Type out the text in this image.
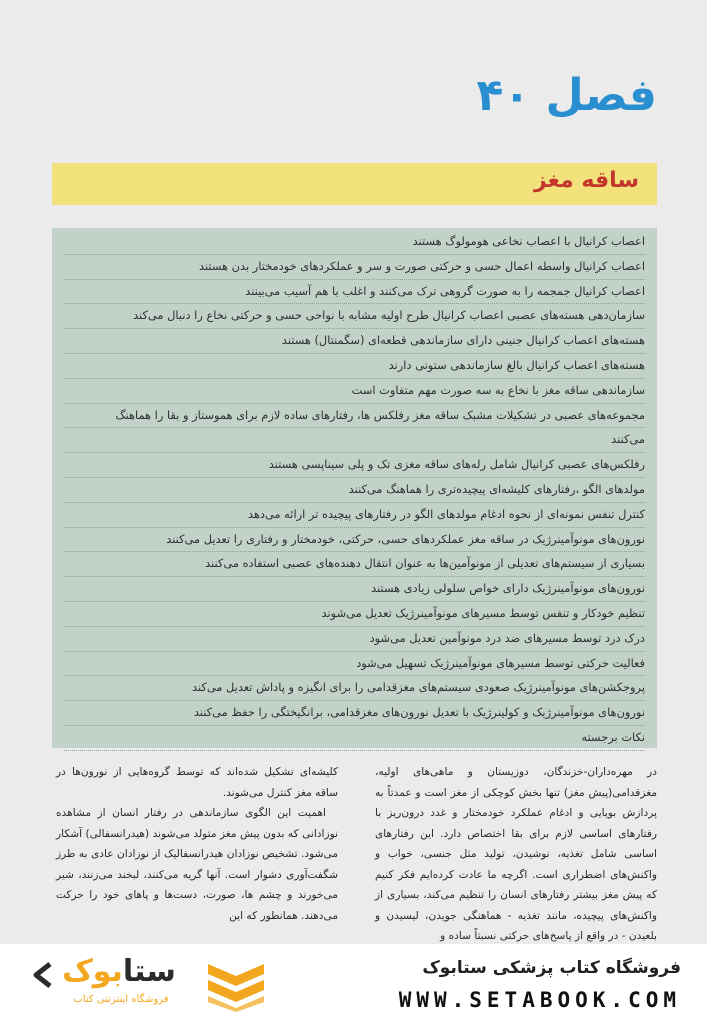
فصل ۴۰
ساقه مغز
اعصاب کرانیال با اعصاب نخاعی هومولوگ هستند
اعصاب کرانیال واسطه اعمال حسی و حرکتی صورت و سر و عملکردهای خودمختار بدن هستند
اعصاب کرانیال جمجمه را به صورت گروهی ترک می‌کنند و اغلب با هم آسیب می‌بینند
سازمان‌دهی هسته‌های عصبی اعصاب کرانیال طرح اولیه مشابه با نواحی حسی و حرکتی نخاع را دنبال می‌کند
هسته‌های اعصاب کرانیال جنینی دارای سازماندهی قطعه‌ای (سگمنتال) هستند
هسته‌های اعصاب کرانیال بالغ سازماندهی ستونی دارند
سازماندهی ساقه مغز با نخاع به سه صورت مهم متفاوت است
مجموعه‌های عصبی در تشکیلات مشبک ساقه مغز رفلکس ها، رفتارهای ساده لازم برای هموستاز و بقا را هماهنگ
می‌کنند
رفلکس‌های عصبی کرانیال شامل رله‌های ساقه مغزی تک و پلی سیناپسی هستند
مولدهای الگو ،رفتارهای کلیشه‌ای پیچیده‌تری را هماهنگ می‌کنند
کنترل تنفس نمونه‌ای از نحوه ادغام مولدهای الگو در رفتارهای پیچیده تر ارائه می‌دهد
نورون‌های مونوآمینرژیک در ساقه مغز عملکردهای حسی، حرکتی، خودمختار و رفتاری را تعدیل می‌کنند
بسیاری از سیستم‌های تعدیلی از مونوآمین‌ها به عنوان انتقال دهنده‌های عصبی استفاده می‌کنند
نورون‌های مونوآمینرژیک دارای خواص سلولی زیادی هستند
تنظیم خودکار و تنفس توسط مسیرهای مونوآمینرژیک تعدیل می‌شوند
درک درد توسط مسیرهای ضد درد مونوآمین تعدیل می‌شود
فعالیت حرکتی توسط مسیرهای مونوآمینرژیک تسهیل می‌شود
پروجکشن‌های مونوآمینرژیک صعودی سیستم‌های مغزقدامی را برای انگیزه و پاداش تعدیل می‌کند
نورون‌های مونوآمینرژیک و کولینرژیک با تعدیل نورون‌های مغزقدامی، برانگیختگی را حفظ می‌کنند
نکات برجسته

در مهره‌داران-خزندگان، دوزیستان و ماهی‌های اولیه، مغزقدامی(پیش مغز) تنها بخش کوچکی از مغز است و عمدتاً به پردازش بویایی و ادغام عملکرد خودمختار و غدد درون‌ریز با رفتارهای اساسی لازم برای بقا اختصاص دارد. این رفتارهای اساسی شامل تغذیه، نوشیدن، تولید مثل جنسی، خواب و واکنش‌های اضطراری است. اگرچه ما عادت کرده‌ایم فکر کنیم که پیش مغز بیشتر رفتارهای انسان را تنظیم می‌کند، بسیاری از واکنش‌های پیچیده، مانند تغذیه - هماهنگی جویدن، لیسیدن و بلعیدن - در واقع از پاسخ‌های حرکتی نسبتاً ساده و

کلیشه‌ای تشکیل شده‌اند که توسط گروه‌هایی از نورون‌ها در ساقه مغز کنترل می‌شوند.

اهمیت این الگوی سازماندهی در رفتار انسان از مشاهده نوزادانی که بدون پیش مغز متولد می‌شوند (هیدرانسفالی) آشکار می‌شود. تشخیص نوزادان هیدرانسفالیک از نوزادان عادی به طرز شگفت‌آوری دشوار است. آنها گریه می‌کنند، لبخند می‌زنند، شیر می‌خورند و چشم ها، صورت، دست‌ها و پاهای خود را حرکت می‌دهند. همانطور که این

فروشگاه کتاب پزشکی ستابوک
WWW.SETABOOK.COM
ستابوک
فروشگاه اینترنتی کتاب
